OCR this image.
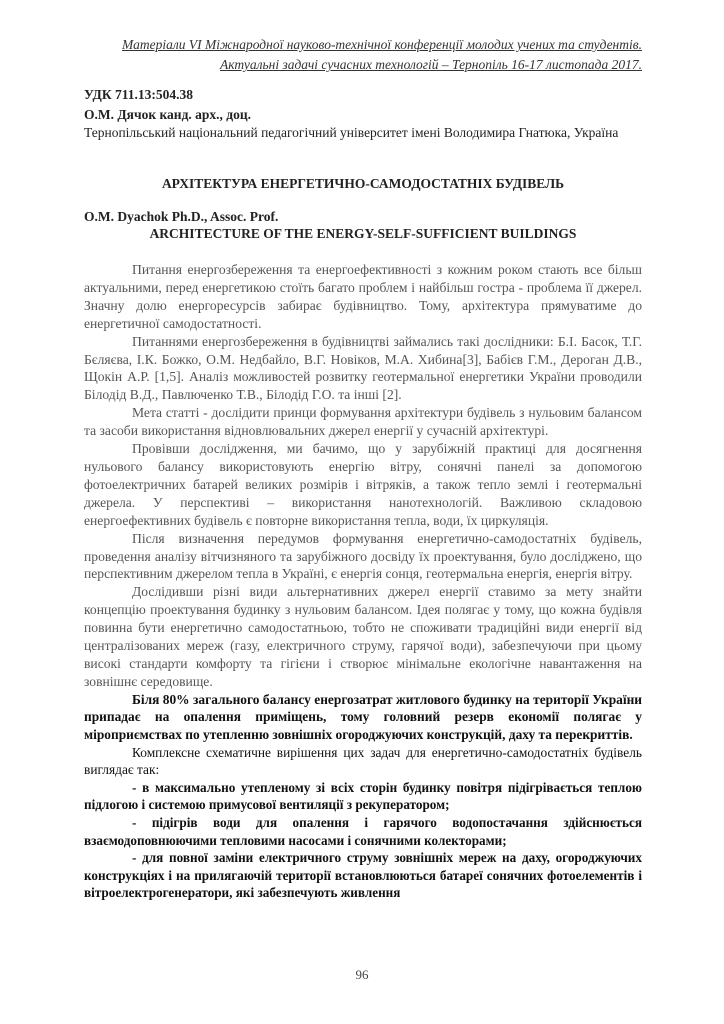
Матеріали VI Міжнародної науково-технічної конференції молодих учених та студентів.
Актуальні задачі сучасних технологій – Тернопіль 16-17 листопада 2017.
УДК 711.13:504.38
О.М. Дячок канд. арх., доц.
Тернопільський національний педагогічний університет імені Володимира Гнатюка, Україна
АРХІТЕКТУРА ЕНЕРГЕТИЧНО-САМОДОСТАТНІХ БУДІВЕЛЬ
O.M. Dyachok Ph.D., Assoc. Prof.
ARCHITECTURE OF THE ENERGY-SELF-SUFFICIENT BUILDINGS

Питання енергозбереження та енергоефективності з кожним роком стають все більш актуальними, перед енергетикою стоїть багато проблем і найбільш гостра - проблема її джерел. Значну долю енергоресурсів забирає будівництво. Тому, архітектура прямуватиме до енергетичної самодостатності.

Питаннями енергозбереження в будівництві займались такі дослідники: Б.І. Басок, Т.Г. Бєляєва, І.К. Божко, О.М. Недбайло, В.Г. Новіков, М.А. Хибина[3], Бабієв Г.М., Дероган Д.В., Щокін А.Р. [1,5]. Аналіз можливостей розвитку геотермальної енергетики України проводили Білодід В.Д., Павлюченко Т.В., Білодід Г.О. та інші [2].

Мета статті - дослідити принци формування архітектури будівель з нульовим балансом та засоби використання відновлювальних джерел енергії у сучасній архітектурі.

Провівши дослідження, ми бачимо, що у зарубіжній практиці для досягнення нульового балансу використовують енергію вітру, сонячні панелі за допомогою фотоелектричних батарей великих розмірів і вітряків, а також тепло землі і геотермальні джерела. У перспективі – використання нанотехнологій. Важливою складовою енергоефективних будівель є повторне використання тепла, води, їх циркуляція.

Після визначення передумов формування енергетично-самодостатніх будівель, проведення аналізу вітчизняного та зарубіжного досвіду їх проектування, було досліджено, що перспективним джерелом тепла в Україні, є енергія сонця, геотермальна енергія, енергія вітру.

Дослідивши різні види альтернативних джерел енергії ставимо за мету знайти концепцію проектування будинку з нульовим балансом. Ідея полягає у тому, що кожна будівля повинна бути енергетично самодостатньою, тобто не споживати традиційні види енергії від централізованих мереж (газу, електричного струму, гарячої води), забезпечуючи при цьому високі стандарти комфорту та гігієни і створює мінімальне екологічне навантаження на зовнішнє середовище.

Біля 80% загального балансу енергозатрат житлового будинку на території України припадає на опалення приміщень, тому головний резерв економії полягає у міроприємствах по утепленню зовнішніх огороджуючих конструкцій, даху та перекриттів.

Комплексне схематичне вирішення цих задач для енергетично-самодостатніх будівель виглядає так:

- в максимально утепленому зі всіх сторін будинку повітря підігрівається теплою підлогою і системою примусової вентиляції з рекуператором;

- підігрів води для опалення і гарячого водопостачання здійснюється взаємодоповнюючими тепловими насосами і сонячними колекторами;

- для повної заміни електричного струму зовнішніх мереж на даху, огороджуючих конструкціях і на прилягаючій території встановлюються батареї сонячних фотоелементів і вітроелектрогенератори, які забезпечують живлення

96
